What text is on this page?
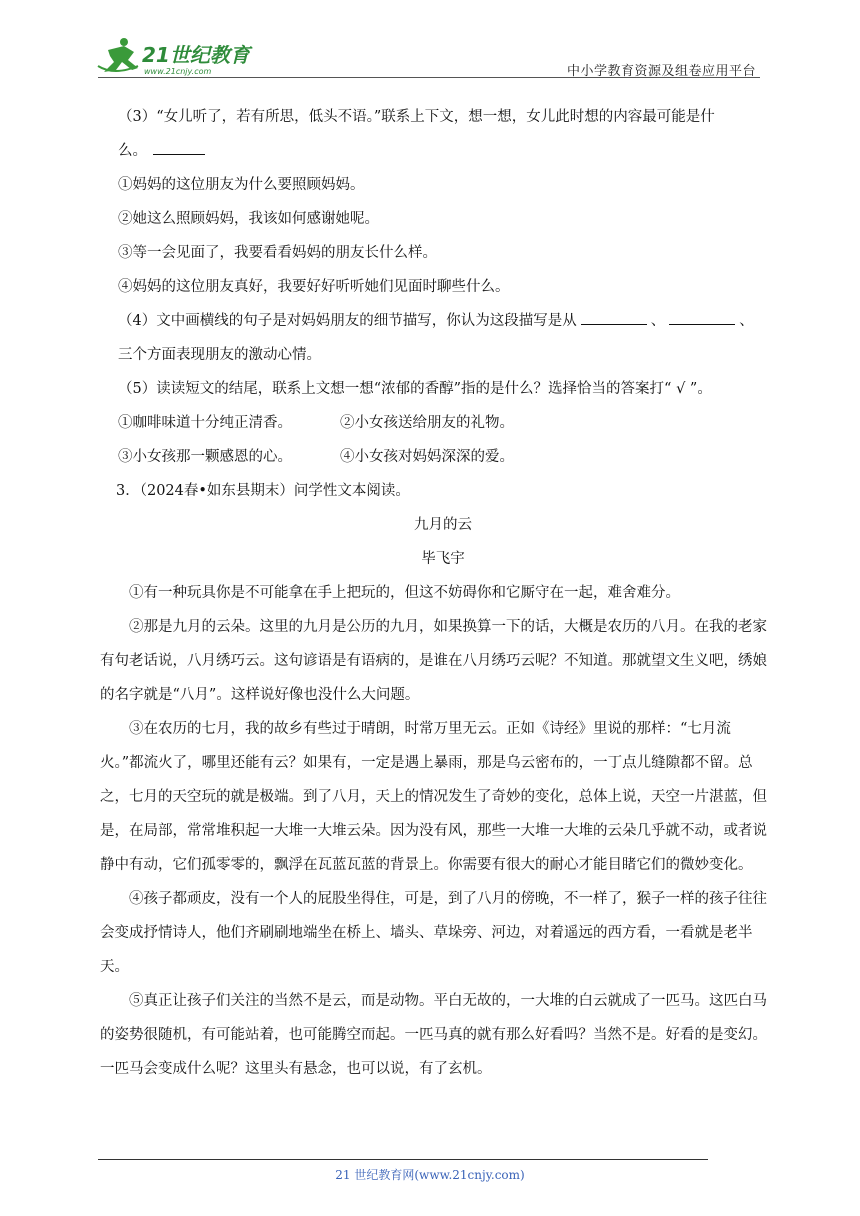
21世纪教育
www.21cnjy.com	中小学教育资源及组卷应用平台
（3）“女儿听了，若有所思，低头不语。”联系上下文，想一想，女儿此时想的内容最可能是什
么。
①妈妈的这位朋友为什么要照顾妈妈。
②她这么照顾妈妈，我该如何感谢她呢。
③等一会见面了，我要看看妈妈的朋友长什么样。
④妈妈的这位朋友真好，我要好好听听她们见面时聊些什么。
（4）文中画横线的句子是对妈妈朋友的细节描写，你认为这段描写是从	、	、
三个方面表现朋友的激动心情。
（5）读读短文的结尾，联系上文想一想“浓郁的香醇”指的是什么？选择恰当的答案打“ √ ”。
①咖啡味道十分纯正清香。	②小女孩送给朋友的礼物。
③小女孩那一颗感恩的心。	④小女孩对妈妈深深的爱。
3．（2024春•如东县期末）问学性文本阅读。
九月的云
毕飞宇
①有一种玩具你是不可能拿在手上把玩的，但这不妨碍你和它厮守在一起，难舍难分。
②那是九月的云朵。这里的九月是公历的九月，如果换算一下的话，大概是农历的八月。在我的老家有句老话说，八月绣巧云。这句谚语是有语病的，是谁在八月绣巧云呢？不知道。那就望文生义吧，绣娘的名字就是“八月”。这样说好像也没什么大问题。
③在农历的七月，我的故乡有些过于晴朗，时常万里无云。正如《诗经》里说的那样：“七月流火。”都流火了，哪里还能有云？如果有，一定是遇上暴雨，那是乌云密布的，一丁点儿缝隙都不留。总之，七月的天空玩的就是极端。到了八月，天上的情况发生了奇妙的变化，总体上说，天空一片湛蓝，但是，在局部，常常堆积起一大堆一大堆云朵。因为没有风，那些一大堆一大堆的云朵几乎就不动，或者说静中有动，它们孤零零的，飘浮在瓦蓝瓦蓝的背景上。你需要有很大的耐心才能目睹它们的微妙变化。
④孩子都顽皮，没有一个人的屁股坐得住，可是，到了八月的傍晚，不一样了，猴子一样的孩子往往会变成抒情诗人，他们齐刷刷地端坐在桥上、墙头、草垛旁、河边，对着遥远的西方看，一看就是老半天。
⑤真正让孩子们关注的当然不是云，而是动物。平白无故的，一大堆的白云就成了一匹马。这匹白马的姿势很随机，有可能站着，也可能腾空而起。一匹马真的就有那么好看吗？当然不是。好看的是变幻。一匹马会变成什么呢？这里头有悬念，也可以说，有了玄机。
21 世纪教育网(www.21cnjy.com)
